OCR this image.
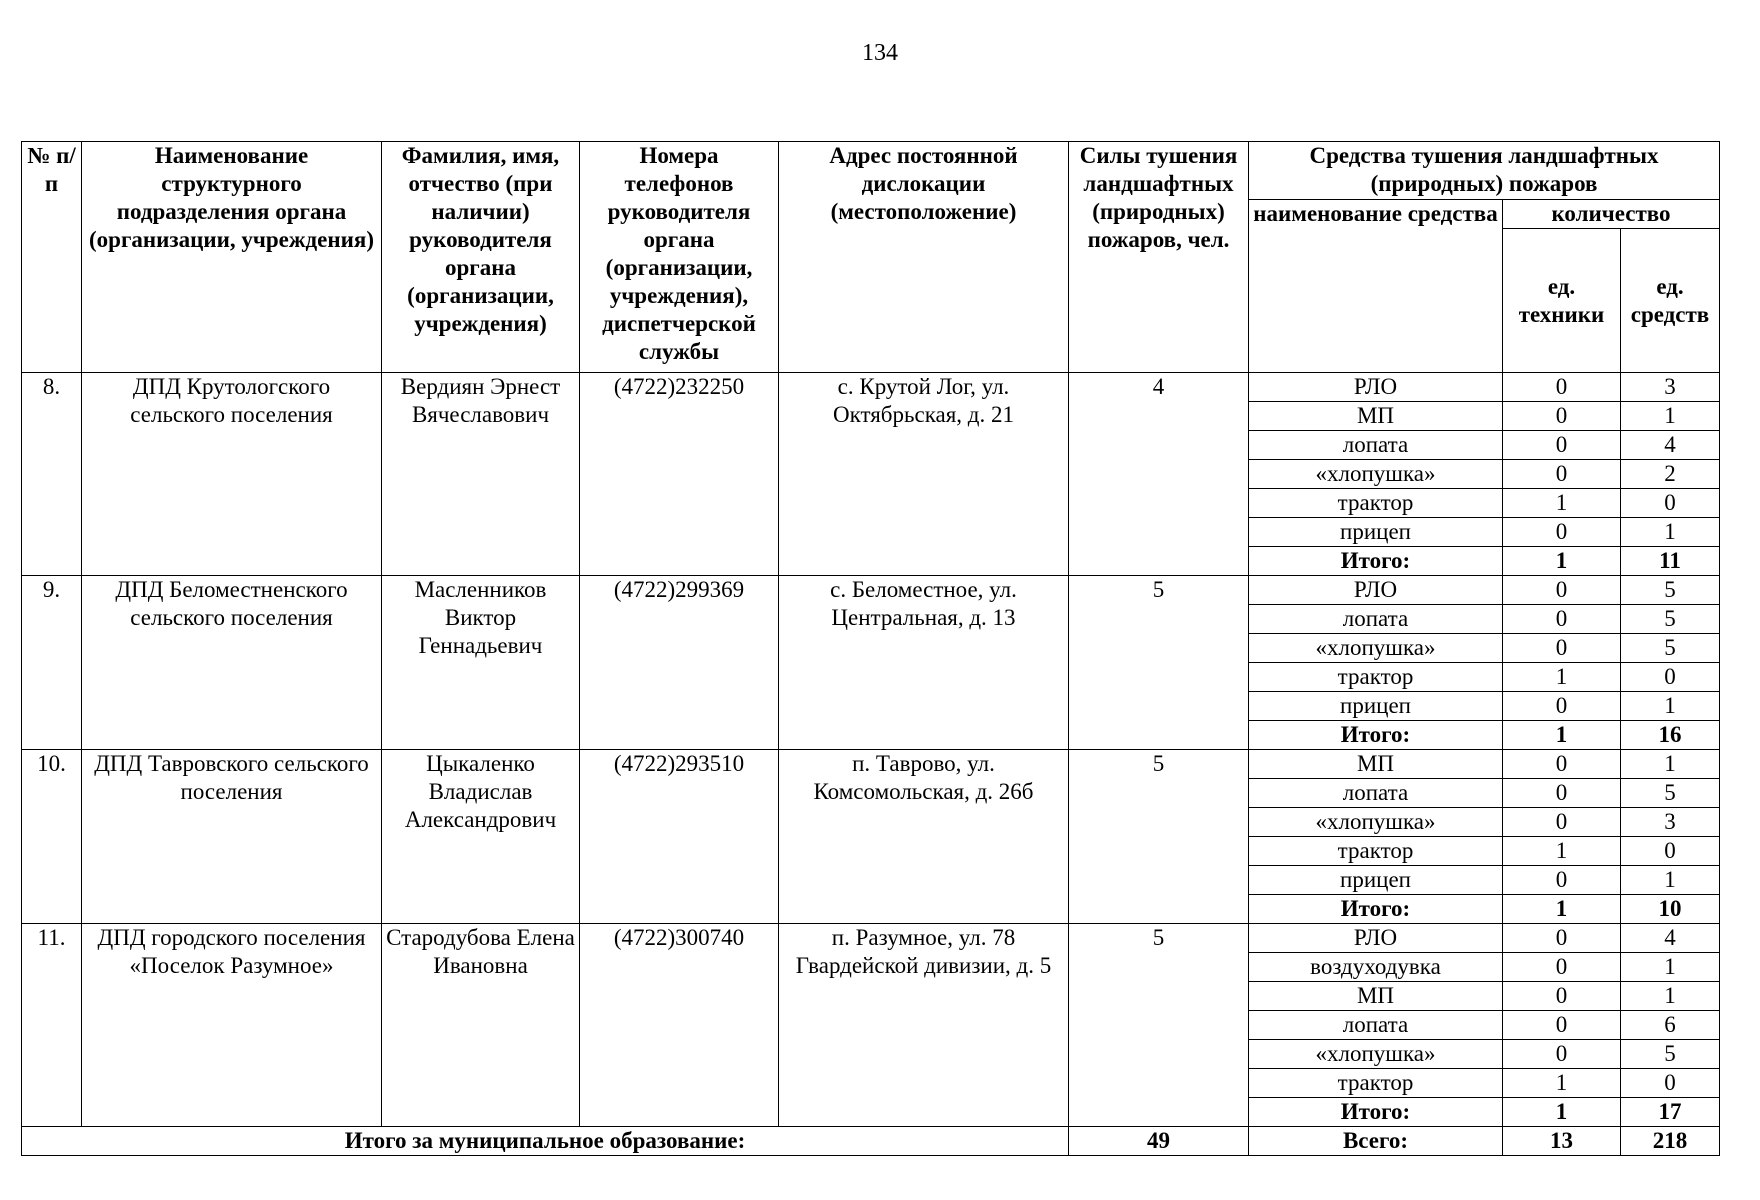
134
№ п/п	Наименование структурного подразделения органа (организации, учреждения)	Фамилия, имя, отчество (при наличии) руководителя органа (организации, учреждения)	Номера телефонов руководителя органа (организации, учреждения), диспетчерской службы	Адрес постоянной дислокации (местоположение)	Силы тушения ландшафтных (природных) пожаров, чел.	Средства тушения ландшафтных (природных) пожаров		
						наименование средства	количество	
							ед. техники	ед. средств
8.	ДПД Крутологского сельского поселения	Вердиян Эрнест Вячеславович	(4722)232250	с. Крутой Лог, ул. Октябрьская, д. 21	4	РЛО	0	3
						МП	0	1
						лопата	0	4
						«хлопушка»	0	2
						трактор	1	0
						прицеп	0	1
						Итого:	1	11
9.	ДПД Беломестненского сельского поселения	Масленников Виктор Геннадьевич	(4722)299369	с. Беломестное, ул. Центральная, д. 13	5	РЛО	0	5
						лопата	0	5
						«хлопушка»	0	5
						трактор	1	0
						прицеп	0	1
						Итого:	1	16
10.	ДПД Тавровского сельского поселения	Цыкаленко Владислав Александрович	(4722)293510	п. Таврово, ул. Комсомольская, д. 26б	5	МП	0	1
						лопата	0	5
						«хлопушка»	0	3
						трактор	1	0
						прицеп	0	1
						Итого:	1	10
11.	ДПД городского поселения «Поселок Разумное»	Стародубова Елена Ивановна	(4722)300740	п. Разумное, ул. 78 Гвардейской дивизии, д. 5	5	РЛО	0	4
						воздуходувка	0	1
						МП	0	1
						лопата	0	6
						«хлопушка»	0	5
						трактор	1	0
						Итого:	1	17
Итого за муниципальное образование:					49	Всего:	13	218
